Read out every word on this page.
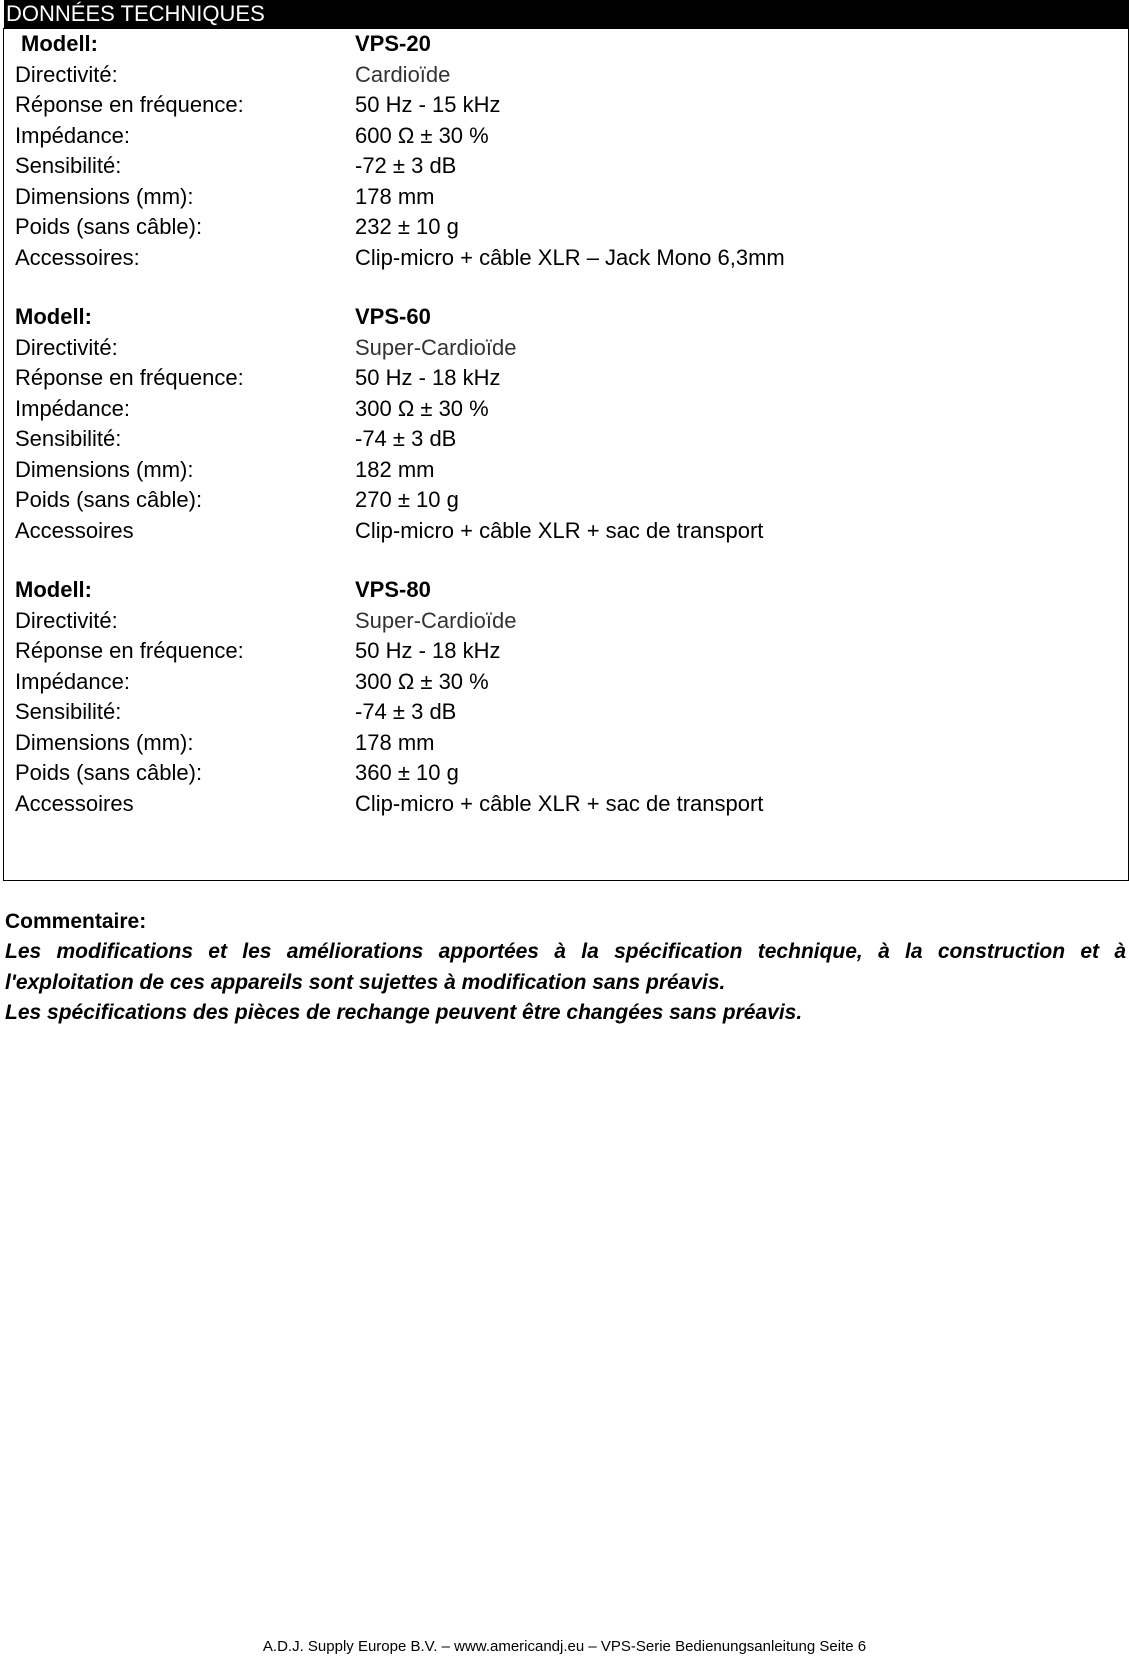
DONNÉES TECHNIQUES
Modell:	VPS-20
Directivité:	Cardioïde
Réponse en fréquence:	50 Hz - 15 kHz
Impédance:	600 Ω ± 30 %
Sensibilité:	-72 ± 3 dB
Dimensions (mm):	178 mm
Poids (sans câble):	232 ± 10 g
Accessoires:	Clip-micro + câble XLR – Jack Mono 6,3mm
Modell:	VPS-60
Directivité:	Super-Cardioïde
Réponse en fréquence:	50 Hz - 18 kHz
Impédance:	300 Ω ± 30 %
Sensibilité:	-74 ± 3 dB
Dimensions (mm):	182 mm
Poids (sans câble):	270 ± 10 g
Accessoires	Clip-micro + câble XLR + sac de transport
Modell:	VPS-80
Directivité:	Super-Cardioïde
Réponse en fréquence:	50 Hz - 18 kHz
Impédance:	300 Ω ± 30 %
Sensibilité:	-74 ± 3 dB
Dimensions (mm):	178 mm
Poids (sans câble):	360 ± 10 g
Accessoires	Clip-micro + câble XLR + sac de transport
Commentaire:

Les modifications et les améliorations apportées à la spécification technique, à la construction et à l'exploitation de ces appareils sont sujettes à modification sans préavis.

Les spécifications des pièces de rechange peuvent être changées sans préavis.

A.D.J. Supply Europe B.V. – www.americandj.eu – VPS-Serie Bedienungsanleitung Seite 6
